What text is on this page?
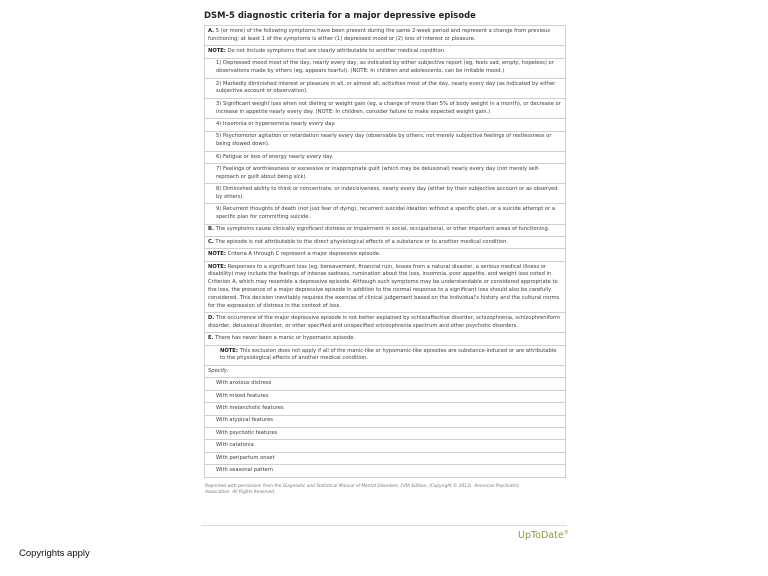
DSM-5 diagnostic criteria for a major depressive episode
A. 5 (or more) of the following symptoms have been present during the same 2-week period and represent a change from previous functioning; at least 1 of the symptoms is either (1) depressed mood or (2) loss of interest or pleasure.
NOTE: Do not include symptoms that are clearly attributable to another medical condition.
1) Depressed mood most of the day, nearly every day, as indicated by either subjective report (eg, feels sad, empty, hopeless) or observations made by others (eg, appears tearful). (NOTE: In children and adolescents, can be irritable mood.)
2) Markedly diminished interest or pleasure in all, or almost all, activities most of the day, nearly every day (as indicated by either subjective account or observation).
3) Significant weight loss when not dieting or weight gain (eg, a change of more than 5% of body weight in a month), or decrease or increase in appetite nearly every day. (NOTE: In children, consider failure to make expected weight gain.)
4) Insomnia or hypersomnia nearly every day.
5) Psychomotor agitation or retardation nearly every day (observable by others, not merely subjective feelings of restlessness or being slowed down).
6) Fatigue or loss of energy nearly every day.
7) Feelings of worthlessness or excessive or inappropriate guilt (which may be delusional) nearly every day (not merely self-reproach or guilt about being sick).
8) Diminished ability to think or concentrate, or indecisiveness, nearly every day (either by their subjective account or as observed by others).
9) Recurrent thoughts of death (not just fear of dying), recurrent suicidal ideation without a specific plan, or a suicide attempt or a specific plan for committing suicide.
B. The symptoms cause clinically significant distress or impairment in social, occupational, or other important areas of functioning.
C. The episode is not attributable to the direct physiological effects of a substance or to another medical condition.
NOTE: Criteria A through C represent a major depressive episode.
NOTE: Responses to a significant loss (eg, bereavement, financial ruin, losses from a natural disaster, a serious medical illness or disability) may include the feelings of intense sadness, rumination about the loss, insomnia, poor appetite, and weight loss noted in Criterion A, which may resemble a depressive episode. Although such symptoms may be understandable or considered appropriate to the loss, the presence of a major depressive episode in addition to the normal response to a significant loss should also be carefully considered. This decision inevitably requires the exercise of clinical judgement based on the individual's history and the cultural norms for the expression of distress in the context of loss.
D. The occurrence of the major depressive episode is not better explained by schizoaffective disorder, schizophrenia, schizophreniform disorder, delusional disorder, or other specified and unspecified schizophrenia spectrum and other psychotic disorders.
E. There has never been a manic or hypomanic episode.
NOTE: This exclusion does not apply if all of the manic-like or hypomanic-like episodes are substance-induced or are attributable to the physiological effects of another medical condition.
Specify:
With anxious distress
With mixed features
With melancholic features
With atypical features
With psychotic features
With catatonia
With peripartum onset
With seasonal pattern
Reprinted with permission from the Diagnostic and Statistical Manual of Mental Disorders, Fifth Edition, (Copyright © 2013). American Psychiatric Association. All Rights Reserved.
UpToDate®
Copyrights apply
